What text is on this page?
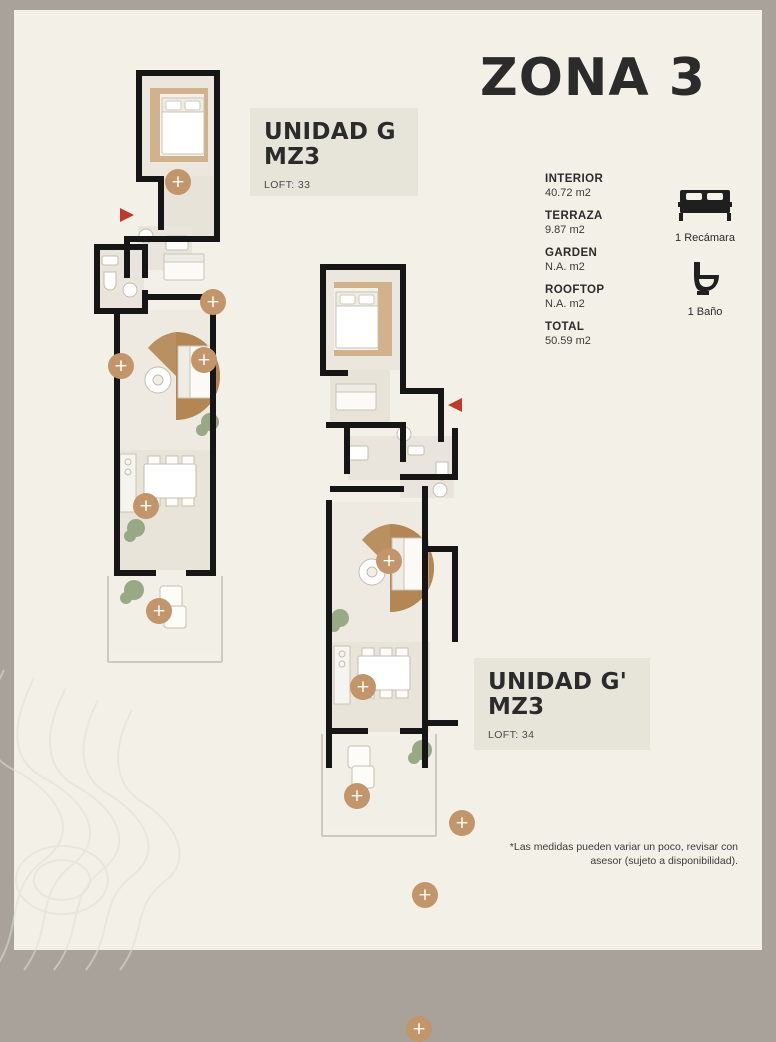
ZONA 3
INTERIOR
40.72 m2
TERRAZA
9.87 m2
GARDEN
N.A. m2
ROOFTOP
N.A. m2
TOTAL
50.59 m2
1 Recámara
1 Baño
UNIDAD G
MZ3
LOFT: 33
UNIDAD G'
MZ3
LOFT: 34
*Las medidas pueden variar un poco, revisar con asesor (sujeto a disponibilidad).
+
+
+	+
+
+
+
+
+
+
+
+
